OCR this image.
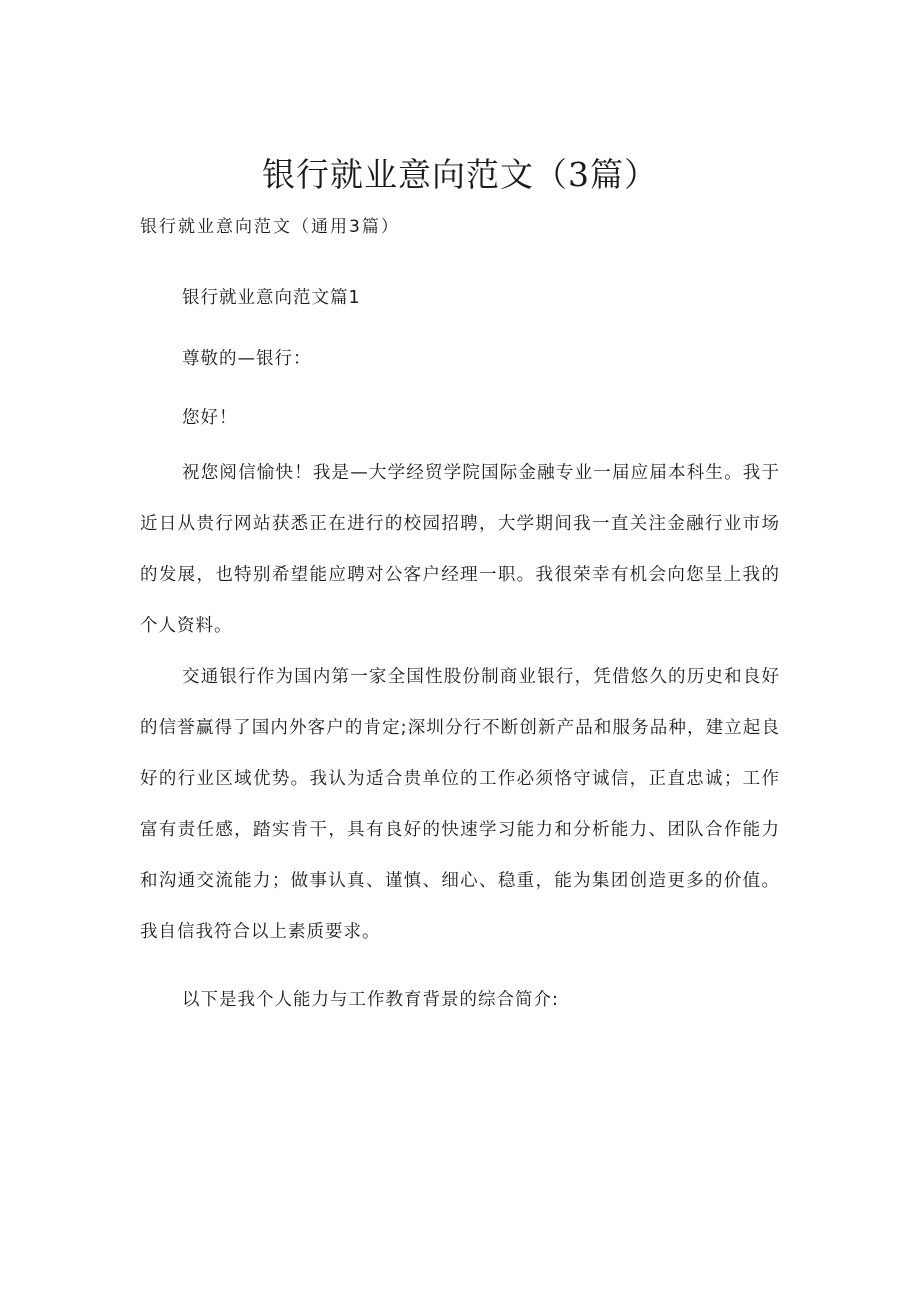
银行就业意向范文（3篇）

银行就业意向范文（通用3篇）

银行就业意向范文篇1

尊敬的—银行：

您好！

祝您阅信愉快！我是—大学经贸学院国际金融专业一届应届本科生。我于近日从贵行网站获悉正在进行的校园招聘，大学期间我一直关注金融行业市场的发展，也特别希望能应聘对公客户经理一职。我很荣幸有机会向您呈上我的个人资料。

交通银行作为国内第一家全国性股份制商业银行，凭借悠久的历史和良好的信誉赢得了国内外客户的肯定;深圳分行不断创新产品和服务品种，建立起良好的行业区域优势。我认为适合贵单位的工作必须恪守诚信，正直忠诚；工作富有责任感，踏实肯干，具有良好的快速学习能力和分析能力、团队合作能力和沟通交流能力；做事认真、谨慎、细心、稳重，能为集团创造更多的价值。我自信我符合以上素质要求。

以下是我个人能力与工作教育背景的综合简介:
